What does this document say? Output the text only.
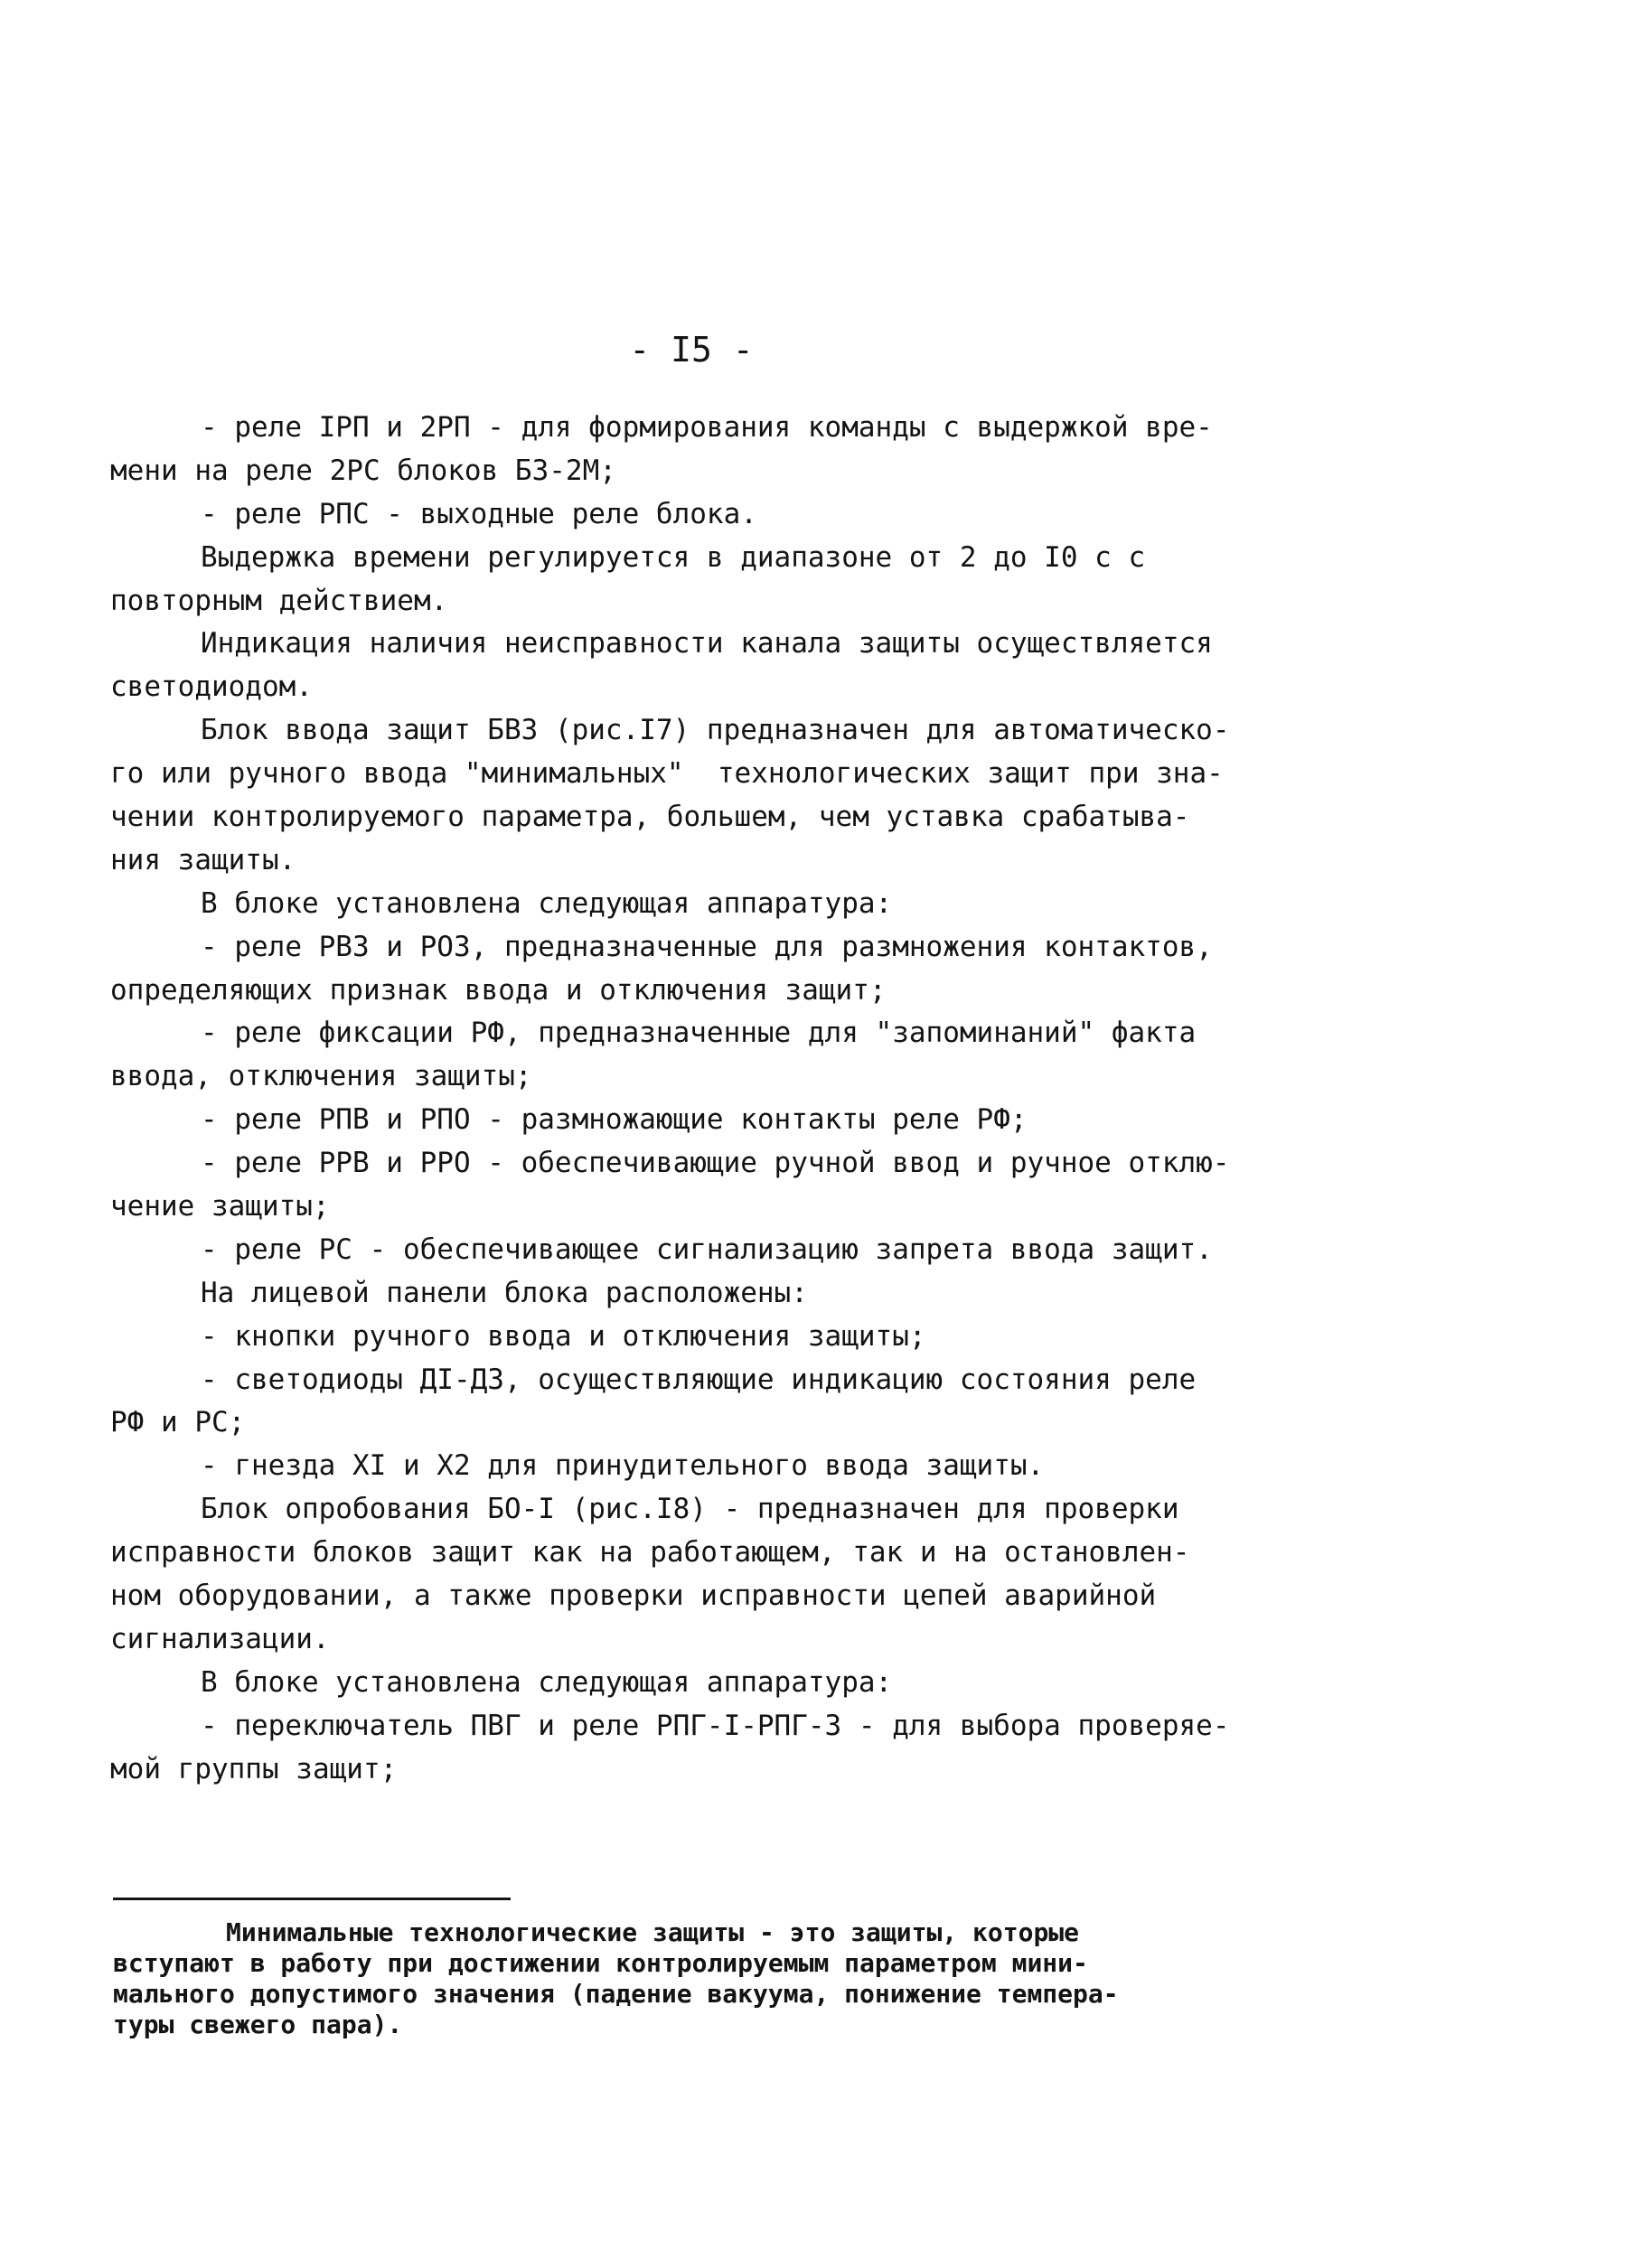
- I5 -
- реле IРП и 2РП - для формирования команды с выдержкой вре-
мени на реле 2РС блоков БЗ-2М;
- реле РПС - выходные реле блока.
Выдержка времени регулируется в диапазоне от 2 до I0 с с
повторным действием.
Индикация наличия неисправности канала защиты осуществляется
светодиодом.
Блок ввода защит БВЗ (рис.I7) предназначен для автоматическо-
го или ручного ввода "минимальных"  технологических защит при зна-
чении контролируемого параметра, большем, чем уставка срабатыва-
ния защиты.
В блоке установлена следующая аппаратура:
- реле РВЗ и РОЗ, предназначенные для размножения контактов,
определяющих признак ввода и отключения защит;
- реле фиксации РФ, предназначенные для "запоминаний" факта
ввода, отключения защиты;
- реле РПВ и РПО - размножающие контакты реле РФ;
- реле РРВ и РРО - обеспечивающие ручной ввод и ручное отклю-
чение защиты;
- реле РС - обеспечивающее сигнализацию запрета ввода защит.
На лицевой панели блока расположены:
- кнопки ручного ввода и отключения защиты;
- светодиоды ДI-Д3, осуществляющие индикацию состояния реле
РФ и РС;
- гнезда XI и X2 для принудительного ввода защиты.
Блок опробования БО-I (рис.I8) - предназначен для проверки
исправности блоков защит как на работающем, так и на остановлен-
ном оборудовании, а также проверки исправности цепей аварийной
сигнализации.
В блоке установлена следующая аппаратура:
- переключатель ПВГ и реле РПГ-I-РПГ-3 - для выбора проверяе-
мой группы защит;
Минимальные технологические защиты - это защиты, которые
вступают в работу при достижении контролируемым параметром мини-
мального допустимого значения (падение вакуума, понижение темпера-
туры свежего пара).
